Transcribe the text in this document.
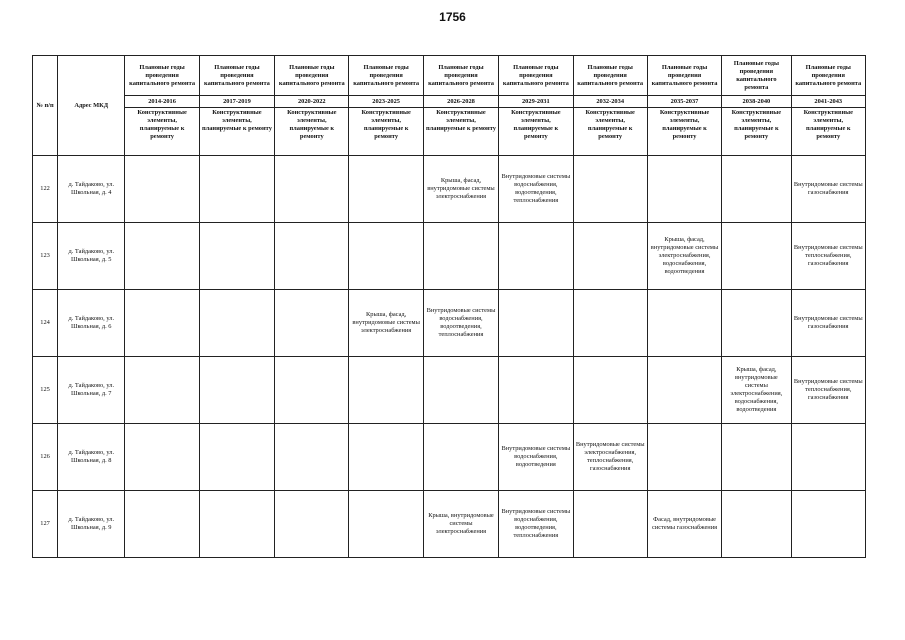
1756
№ п/п	Адрес МКД	Плановые годы проведения капитального ремонта	Плановые годы проведения капитального ремонта	Плановые годы проведения капитального ремонта	Плановые годы проведения капитального ремонта	Плановые годы проведения капитального ремонта	Плановые годы проведения капитального ремонта	Плановые годы проведения капитального ремонта	Плановые годы проведения капитального ремонта	Плановые годы проведения капитального ремонта	Плановые годы проведения капитального ремонта
		2014-2016	2017-2019	2020-2022	2023-2025	2026-2028	2029-2031	2032-2034	2035-2037	2038-2040	2041-2043
		Конструктивные элементы, планируемые к ремонту	Конструктивные элементы, планируемые к ремонту	Конструктивные элементы, планируемые к ремонту	Конструктивные элементы, планируемые к ремонту	Конструктивные элементы, планируемые к ремонту	Конструктивные элементы, планируемые к ремонту	Конструктивные элементы, планируемые к ремонту	Конструктивные элементы, планируемые к ремонту	Конструктивные элементы, планируемые к ремонту	Конструктивные элементы, планируемые к ремонту
122	д. Тайдаково, ул. Школьная, д. 4					Крыша, фасад, внутридомовые системы электроснабжения	Внутридомовые системы водоснабжения, водоотведения, теплоснабжения				Внутридомовые системы газоснабжения
123	д. Тайдаково, ул. Школьная, д. 5								Крыша, фасад, внутридомовые системы электроснабжения, водоснабжения, водоотведения		Внутридомовые системы теплоснабжения, газоснабжения
124	д. Тайдаково, ул. Школьная, д. 6				Крыша, фасад, внутридомовые системы электроснабжения	Внутридомовые системы водоснабжения, водоотведения, теплоснабжения					Внутридомовые системы газоснабжения
125	д. Тайдаково, ул. Школьная, д. 7									Крыша, фасад, внутридомовые системы электроснабжения, водоснабжения, водоотведения	Внутридомовые системы теплоснабжения, газоснабжения
126	д. Тайдаково, ул. Школьная, д. 8						Внутридомовые системы водоснабжения, водоотведения	Внутридомовые системы электроснабжения, теплоснабжения, газоснабжения			
127	д. Тайдаково, ул. Школьная, д. 9					Крыша, внутридомовые системы электроснабжения	Внутридомовые системы водоснабжения, водоотведения, теплоснабжения		Фасад, внутридомовые системы газоснабжения		
